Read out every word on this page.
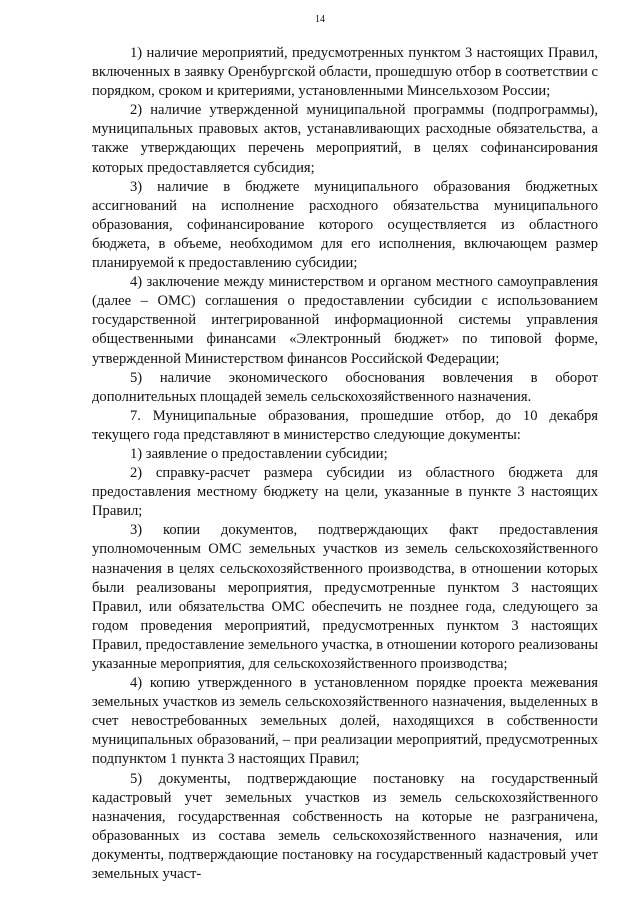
14

1) наличие мероприятий, предусмотренных пунктом 3 настоящих Правил, включенных в заявку Оренбургской области, прошедшую отбор в соответствии с порядком, сроком и критериями, установленными Минсельхозом России;

2) наличие утвержденной муниципальной программы (подпрограммы), муниципальных правовых актов, устанавливающих расходные обязательства, а также утверждающих перечень мероприятий, в целях софинансирования которых предоставляется субсидия;

3) наличие в бюджете муниципального образования бюджетных ассигнований на исполнение расходного обязательства муниципального образования, софинансирование которого осуществляется из областного бюджета, в объеме, необходимом для его исполнения, включающем размер планируемой к предоставлению субсидии;

4) заключение между министерством и органом местного самоуправления (далее – ОМС) соглашения о предоставлении субсидии с использованием государственной интегрированной информационной системы управления общественными финансами «Электронный бюджет» по типовой форме, утвержденной Министерством финансов Российской Федерации;

5) наличие экономического обоснования вовлечения в оборот дополнительных площадей земель сельскохозяйственного назначения.

7. Муниципальные образования, прошедшие отбор, до 10 декабря текущего года представляют в министерство следующие документы:

1) заявление о предоставлении субсидии;

2) справку-расчет размера субсидии из областного бюджета для предоставления местному бюджету на цели, указанные в пункте 3 настоящих Правил;

3) копии документов, подтверждающих факт предоставления уполномоченным ОМС земельных участков из земель сельскохозяйственного назначения в целях сельскохозяйственного производства, в отношении которых были реализованы мероприятия, предусмотренные пунктом 3 настоящих Правил, или обязательства ОМС обеспечить не позднее года, следующего за годом проведения мероприятий, предусмотренных пунктом 3 настоящих Правил, предоставление земельного участка, в отношении которого реализованы указанные мероприятия, для сельскохозяйственного производства;

4) копию утвержденного в установленном порядке проекта межевания земельных участков из земель сельскохозяйственного назначения, выделенных в счет невостребованных земельных долей, находящихся в собственности муниципальных образований, – при реализации мероприятий, предусмотренных подпунктом 1 пункта 3 настоящих Правил;

5) документы, подтверждающие постановку на государственный кадастровый учет земельных участков из земель сельскохозяйственного назначения, государственная собственность на которые не разграничена, образованных из состава земель сельскохозяйственного назначения, или документы, подтверждающие постановку на государственный кадастровый учет земельных участ-
